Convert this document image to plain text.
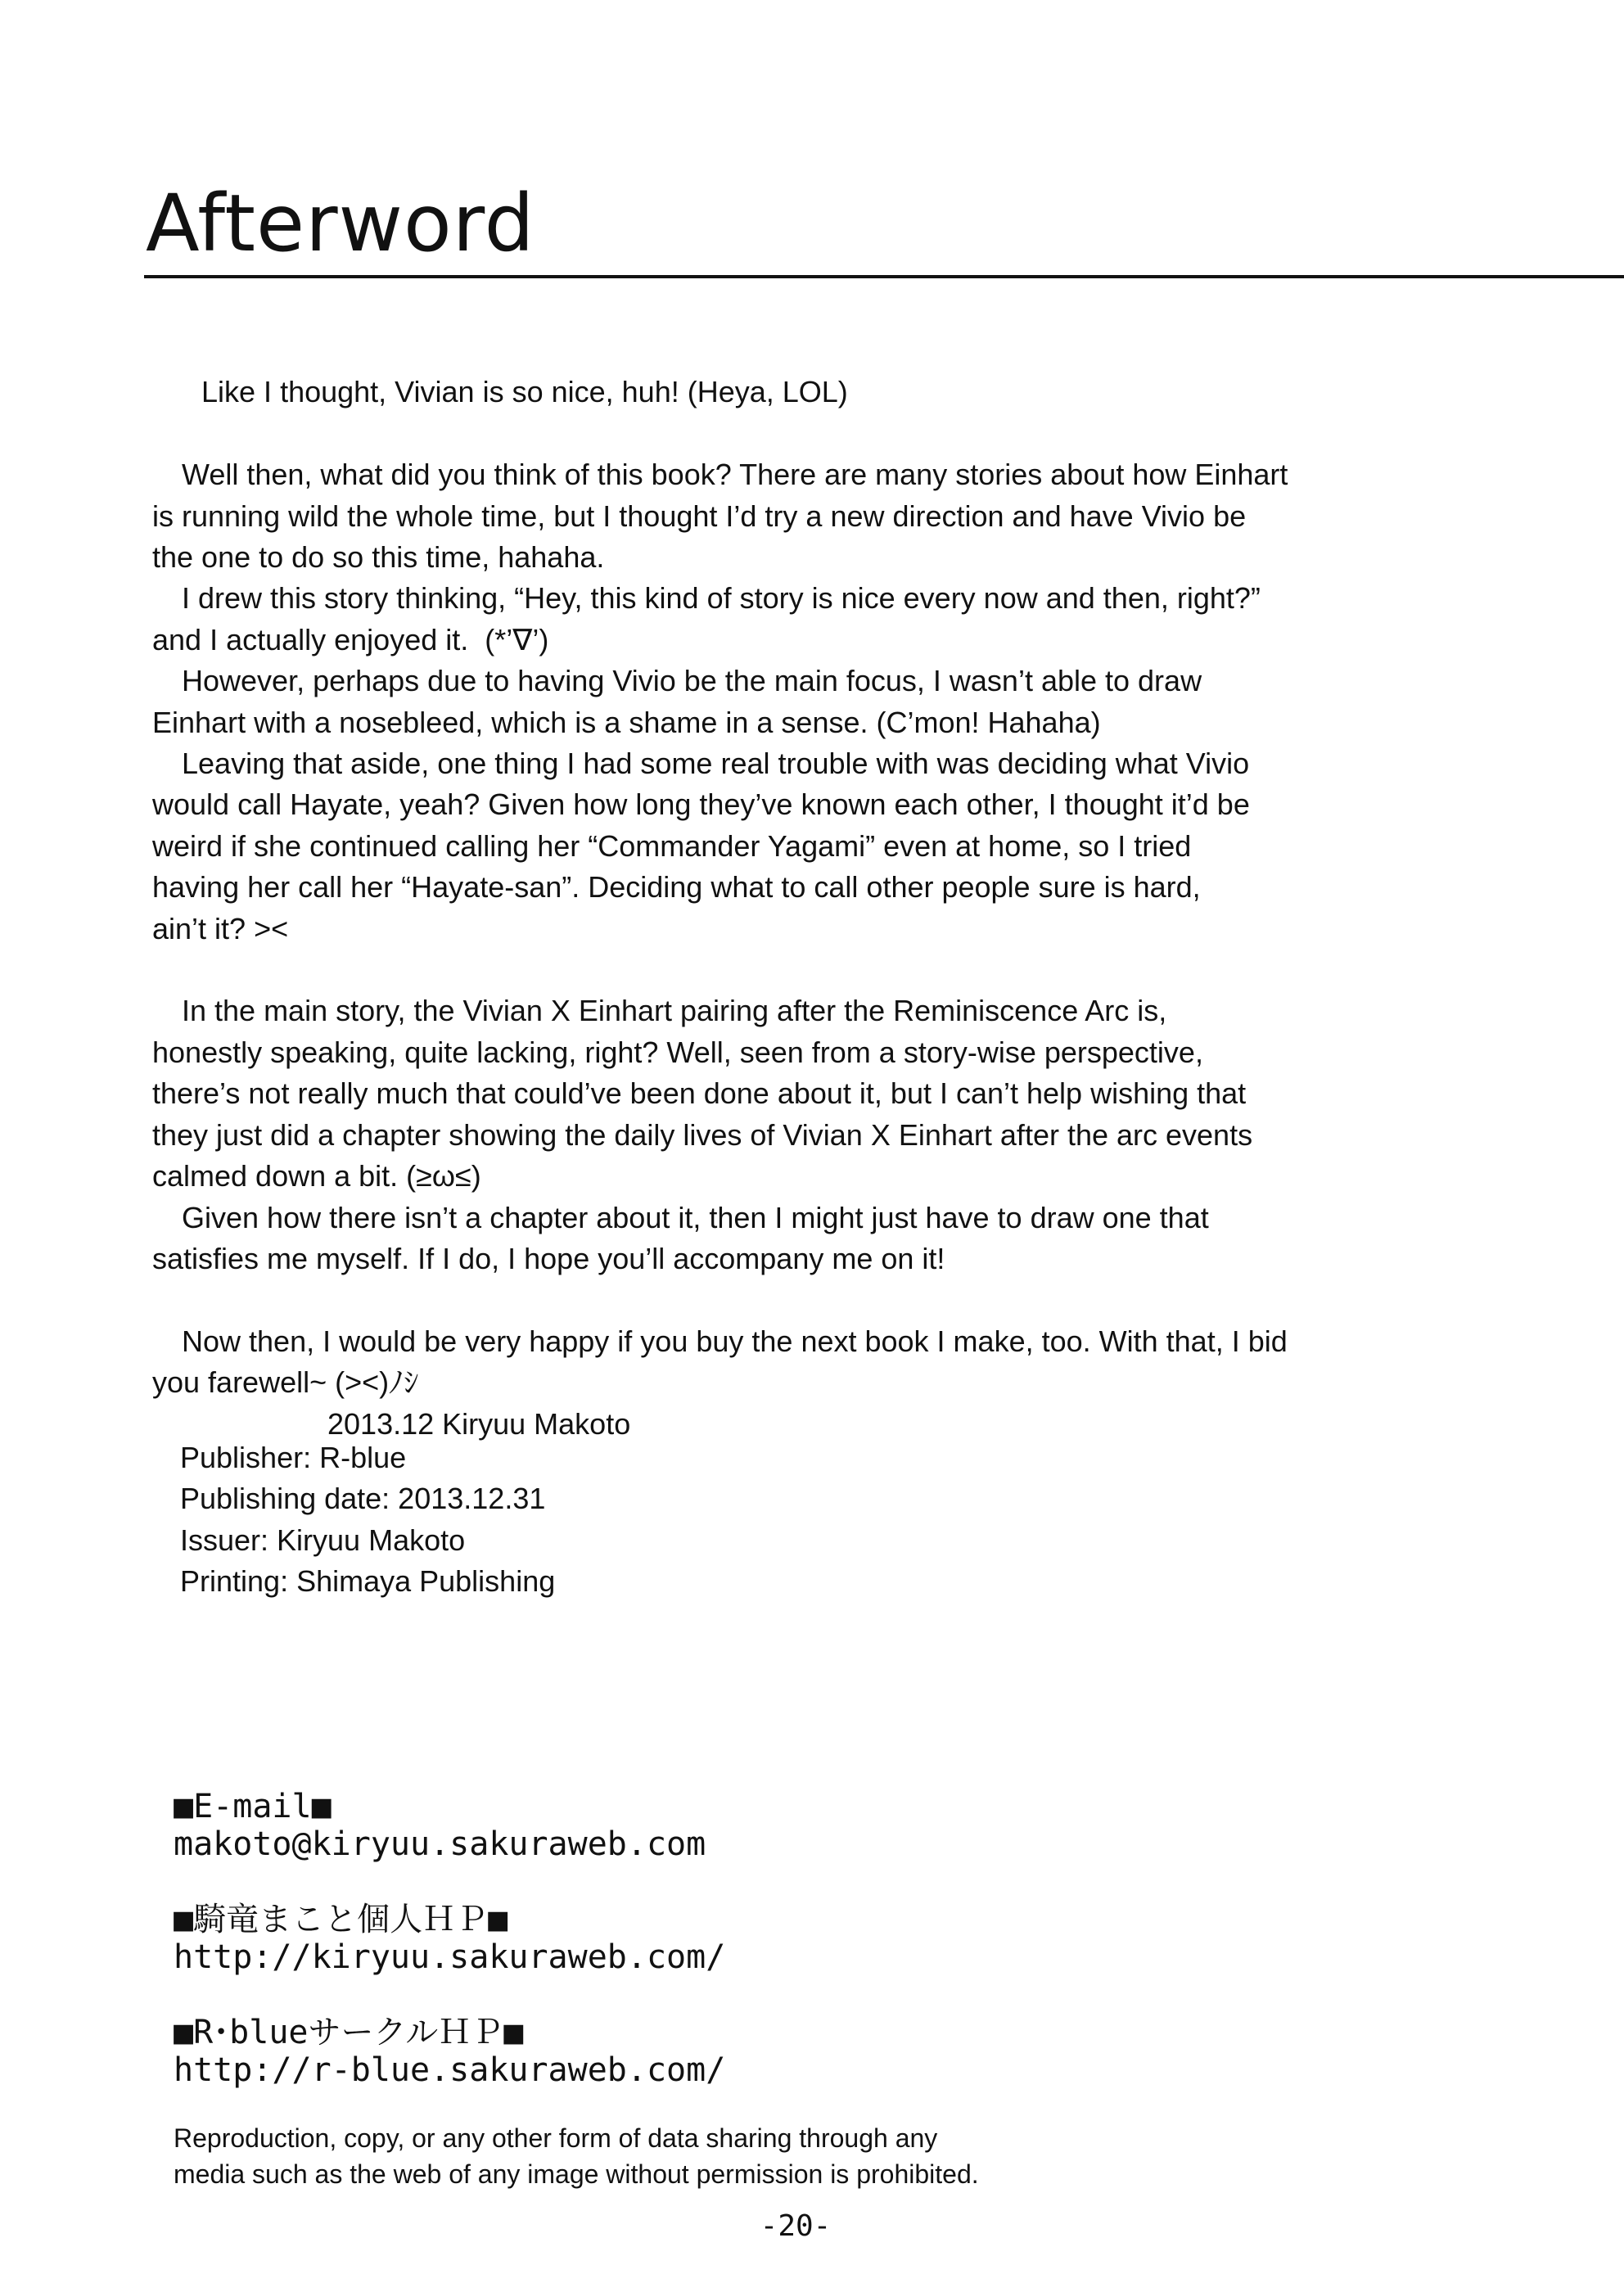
Afterword

Like I thought, Vivian is so nice, huh! (Heya, LOL)

Well then, what did you think of this book? There are many stories about how Einhart
is running wild the whole time, but I thought I’d try a new direction and have Vivio be
the one to do so this time, hahaha.

I drew this story thinking, “Hey, this kind of story is nice every now and then, right?”
and I actually enjoyed it.  (*’∇’)

However, perhaps due to having Vivio be the main focus, I wasn’t able to draw
Einhart with a nosebleed, which is a shame in a sense. (C’mon! Hahaha)

Leaving that aside, one thing I had some real trouble with was deciding what Vivio
would call Hayate, yeah? Given how long they’ve known each other, I thought it’d be
weird if she continued calling her “Commander Yagami” even at home, so I tried
having her call her “Hayate-san”. Deciding what to call other people sure is hard,
ain’t it? ><

In the main story, the Vivian X Einhart pairing after the Reminiscence Arc is,
honestly speaking, quite lacking, right? Well, seen from a story-wise perspective,
there’s not really much that could’ve been done about it, but I can’t help wishing that
they just did a chapter showing the daily lives of Vivian X Einhart after the arc events
calmed down a bit. (≥ω≤)

Given how there isn’t a chapter about it, then I might just have to draw one that
satisfies me myself. If I do, I hope you’ll accompany me on it!

Now then, I would be very happy if you buy the next book I make, too. With that, I bid
you farewell~ (><)ﾉｼ

2013.12 Kiryuu Makoto

Publisher: R-blue
Publishing date: 2013.12.31
Issuer: Kiryuu Makoto
Printing: Shimaya Publishing
■E-mail■
makoto@kiryuu.sakuraweb.com
■騎竜まこと個人ＨＰ■
http://kiryuu.sakuraweb.com/
■R･blueサークルＨＰ■
http://r-blue.sakuraweb.com/
Reproduction, copy, or any other form of data sharing through any
media such as the web of any image without permission is prohibited.
-20-
